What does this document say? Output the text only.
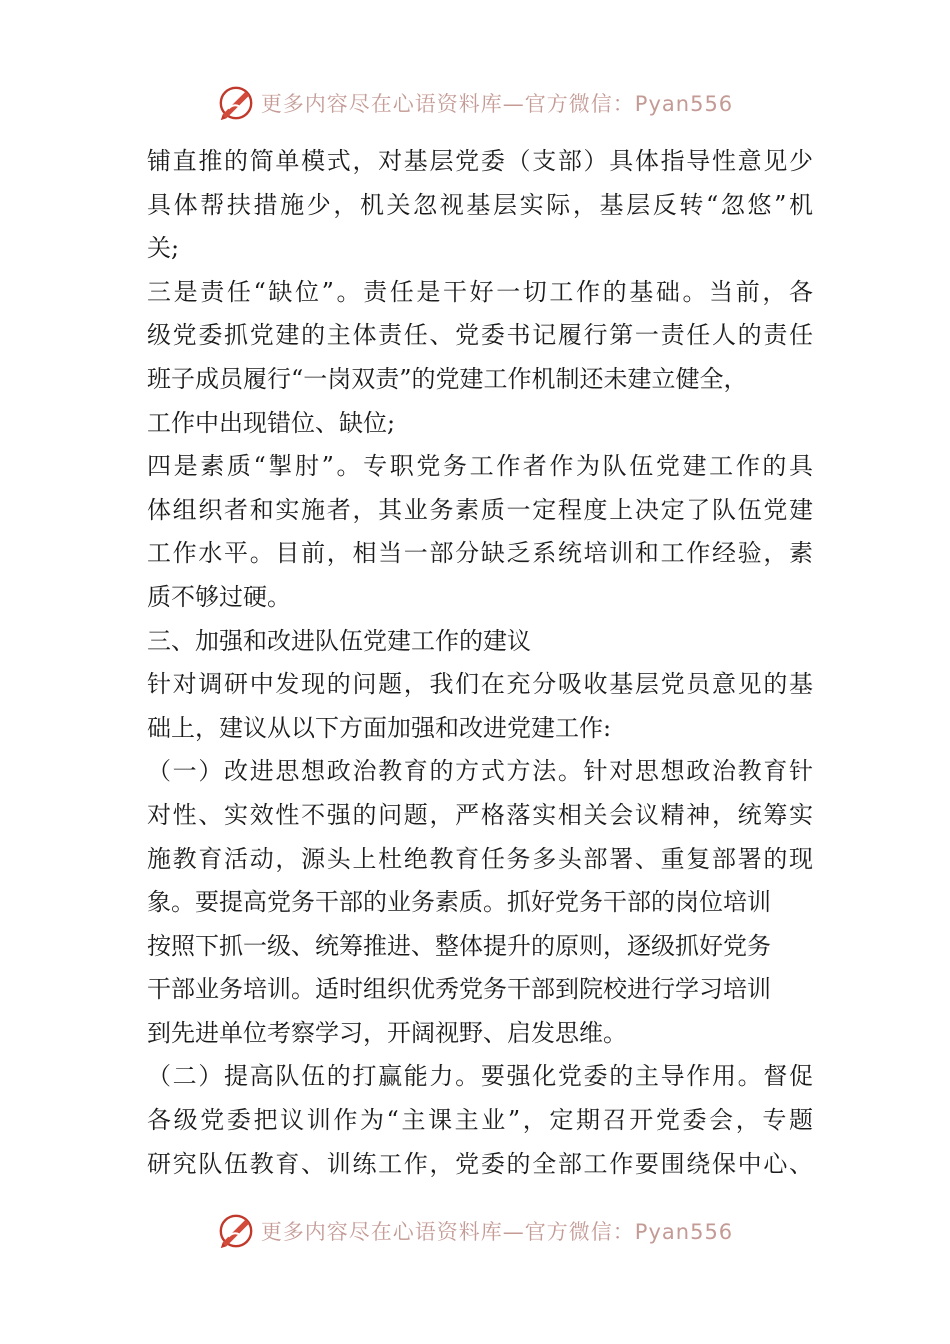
更多内容尽在心语资料库—官方微信：Pyan556
铺直推的简单模式，对基层党委（支部）具体指导性意见少
具体帮扶措施少，机关忽视基层实际，基层反转“忽悠”机
关;
三是责任“缺位”。责任是干好一切工作的基础。当前，各
级党委抓党建的主体责任、党委书记履行第一责任人的责任
班子成员履行“一岗双责”的党建工作机制还未建立健全，
工作中出现错位、缺位;
四是素质“掣肘”。专职党务工作者作为队伍党建工作的具
体组织者和实施者，其业务素质一定程度上决定了队伍党建
工作水平。目前，相当一部分缺乏系统培训和工作经验，素
质不够过硬。
三、加强和改进队伍党建工作的建议
针对调研中发现的问题，我们在充分吸收基层党员意见的基
础上，建议从以下方面加强和改进党建工作:
（一）改进思想政治教育的方式方法。针对思想政治教育针
对性、实效性不强的问题，严格落实相关会议精神，统筹实
施教育活动，源头上杜绝教育任务多头部署、重复部署的现
象。要提高党务干部的业务素质。抓好党务干部的岗位培训
按照下抓一级、统筹推进、整体提升的原则，逐级抓好党务
干部业务培训。适时组织优秀党务干部到院校进行学习培训
到先进单位考察学习，开阔视野、启发思维。
（二）提高队伍的打赢能力。要强化党委的主导作用。督促
各级党委把议训作为“主课主业”，定期召开党委会，专题
研究队伍教育、训练工作，党委的全部工作要围绕保中心、
更多内容尽在心语资料库—官方微信：Pyan556
